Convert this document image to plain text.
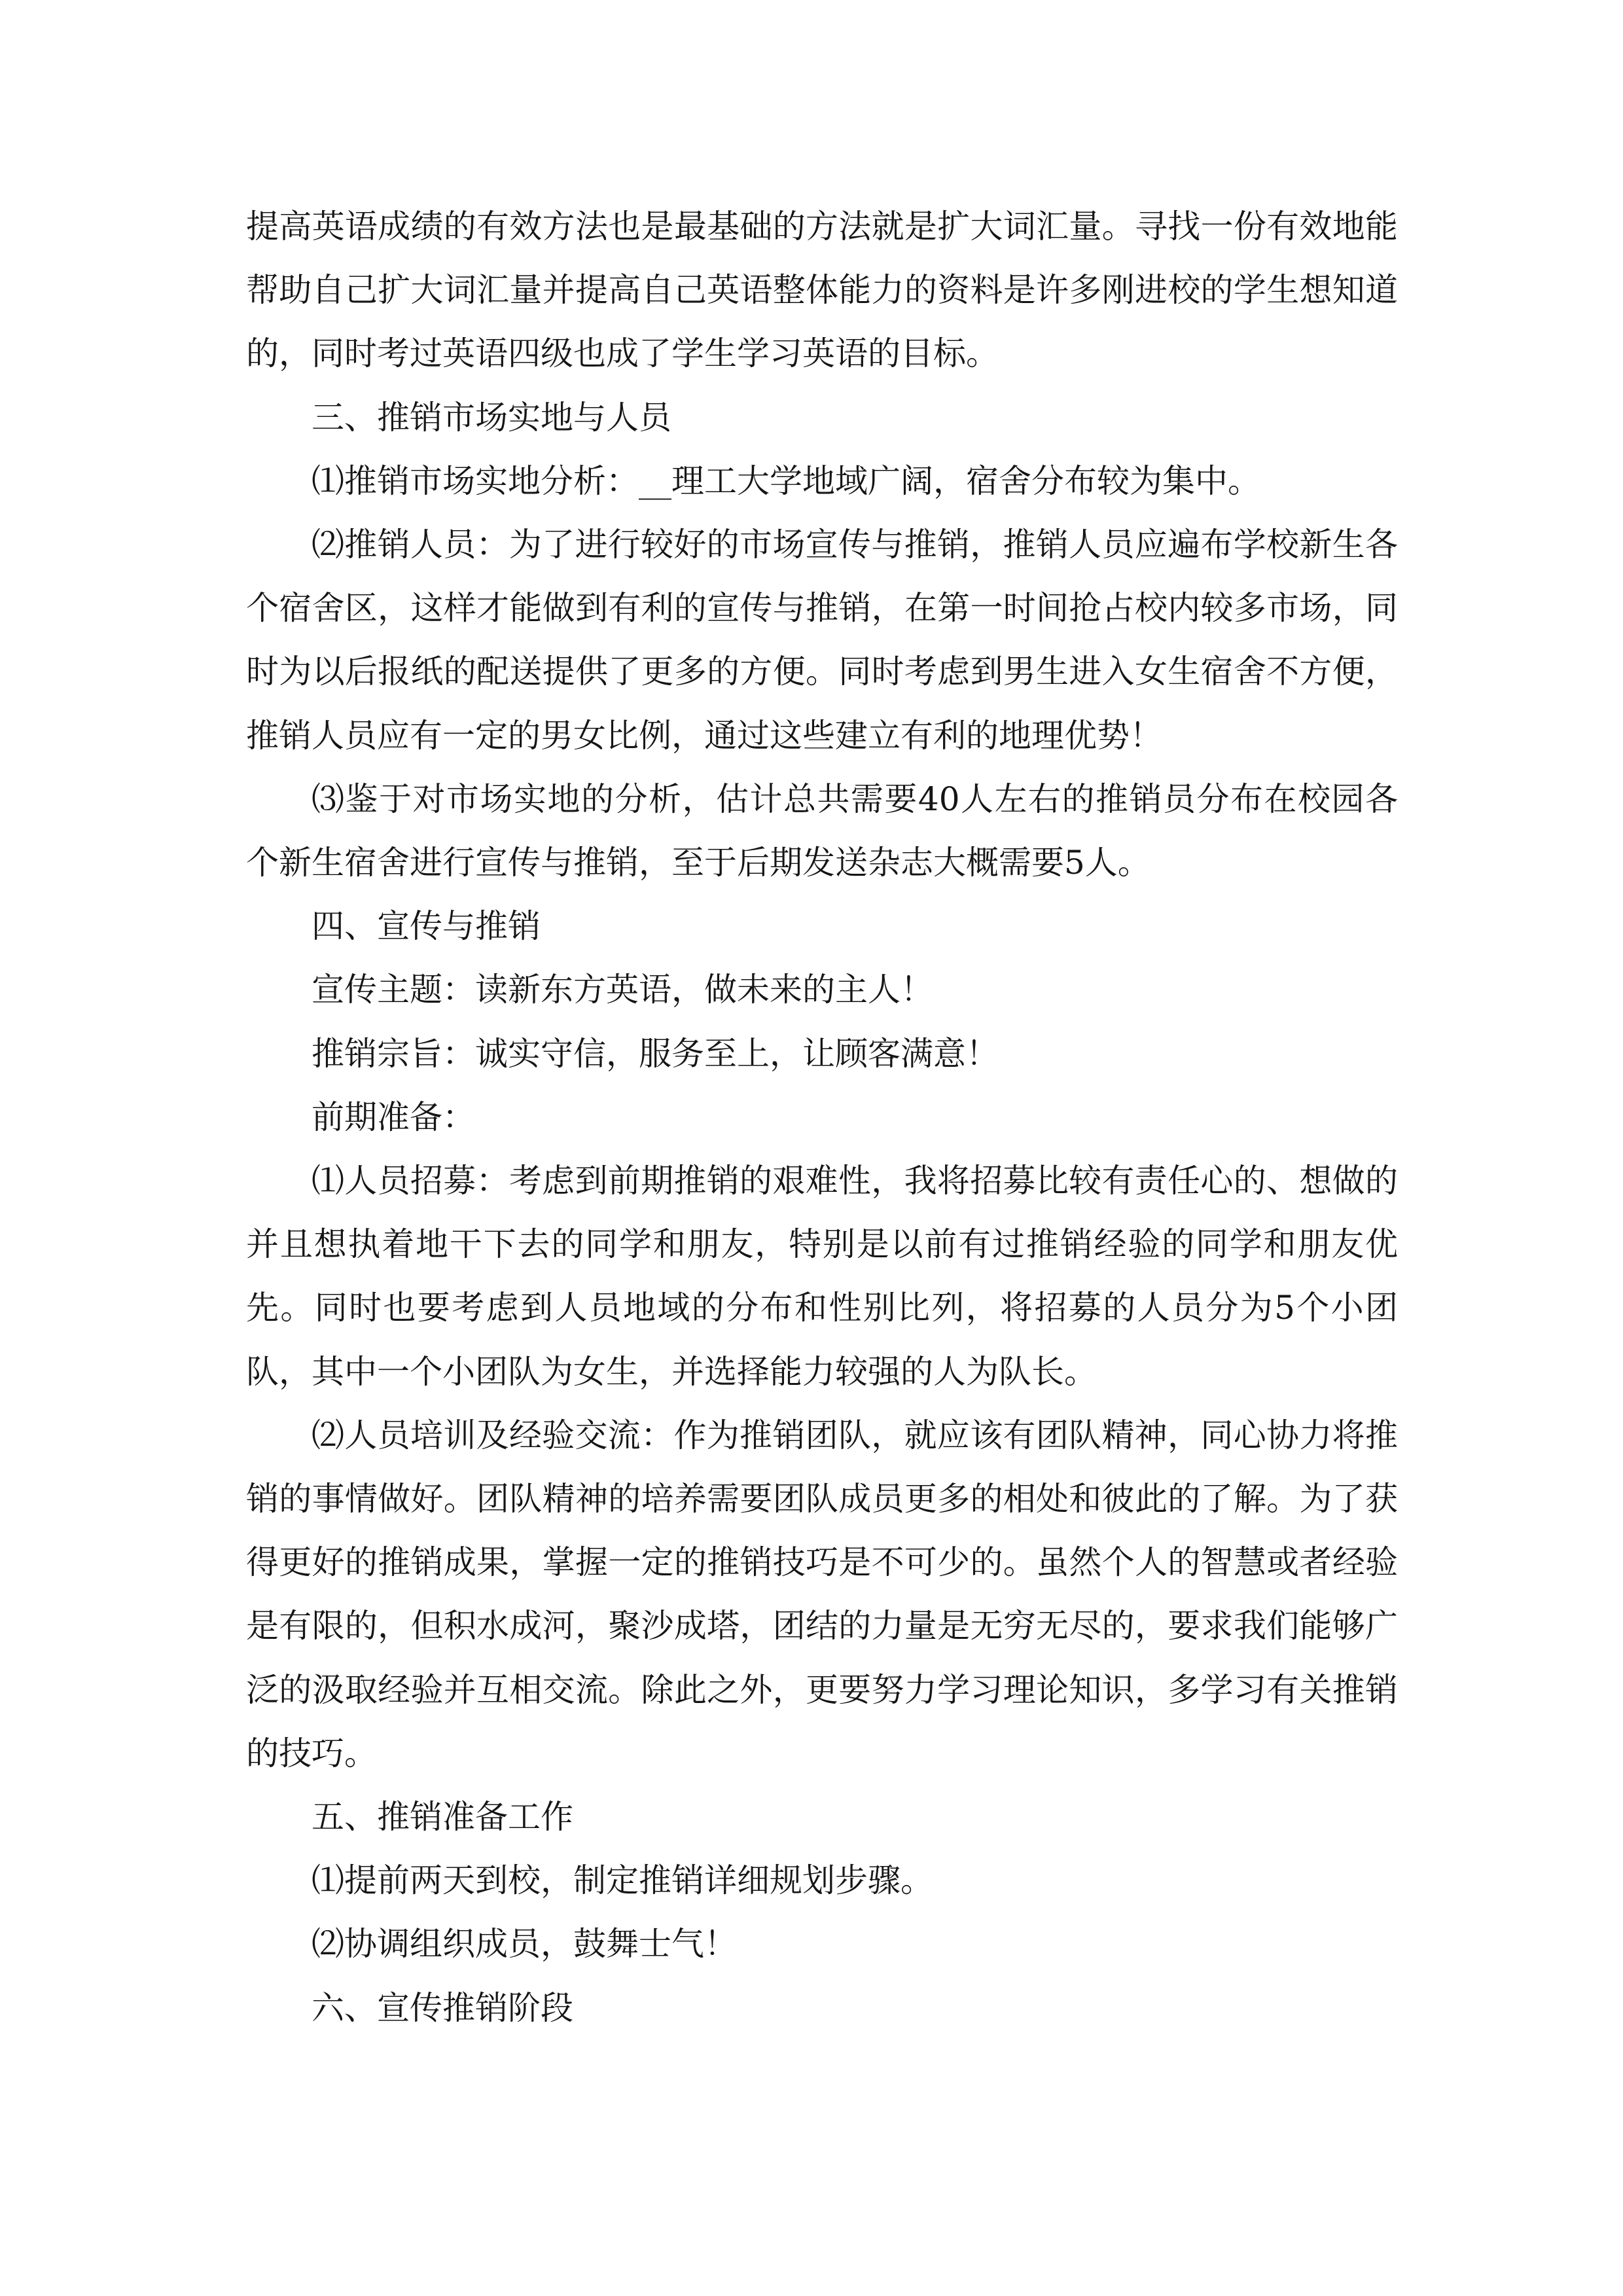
提高英语成绩的有效方法也是最基础的方法就是扩大词汇量。寻找一份有效地能帮助自己扩大词汇量并提高自己英语整体能力的资料是许多刚进校的学生想知道的，同时考过英语四级也成了学生学习英语的目标。

三、推销市场实地与人员

⑴推销市场实地分析：__理工大学地域广阔，宿舍分布较为集中。

⑵推销人员：为了进行较好的市场宣传与推销，推销人员应遍布学校新生各个宿舍区，这样才能做到有利的宣传与推销，在第一时间抢占校内较多市场，同时为以后报纸的配送提供了更多的方便。同时考虑到男生进入女生宿舍不方便，推销人员应有一定的男女比例，通过这些建立有利的地理优势！

⑶鉴于对市场实地的分析，估计总共需要40人左右的推销员分布在校园各个新生宿舍进行宣传与推销，至于后期发送杂志大概需要5人。

四、宣传与推销

宣传主题：读新东方英语，做未来的主人！

推销宗旨：诚实守信，服务至上，让顾客满意！

前期准备：

⑴人员招募：考虑到前期推销的艰难性，我将招募比较有责任心的、想做的并且想执着地干下去的同学和朋友，特别是以前有过推销经验的同学和朋友优先。同时也要考虑到人员地域的分布和性别比列，将招募的人员分为5个小团队，其中一个小团队为女生，并选择能力较强的人为队长。

⑵人员培训及经验交流：作为推销团队，就应该有团队精神，同心协力将推销的事情做好。团队精神的培养需要团队成员更多的相处和彼此的了解。为了获得更好的推销成果，掌握一定的推销技巧是不可少的。虽然个人的智慧或者经验是有限的，但积水成河，聚沙成塔，团结的力量是无穷无尽的，要求我们能够广泛的汲取经验并互相交流。除此之外，更要努力学习理论知识，多学习有关推销的技巧。

五、推销准备工作

⑴提前两天到校，制定推销详细规划步骤。

⑵协调组织成员，鼓舞士气！

六、宣传推销阶段
